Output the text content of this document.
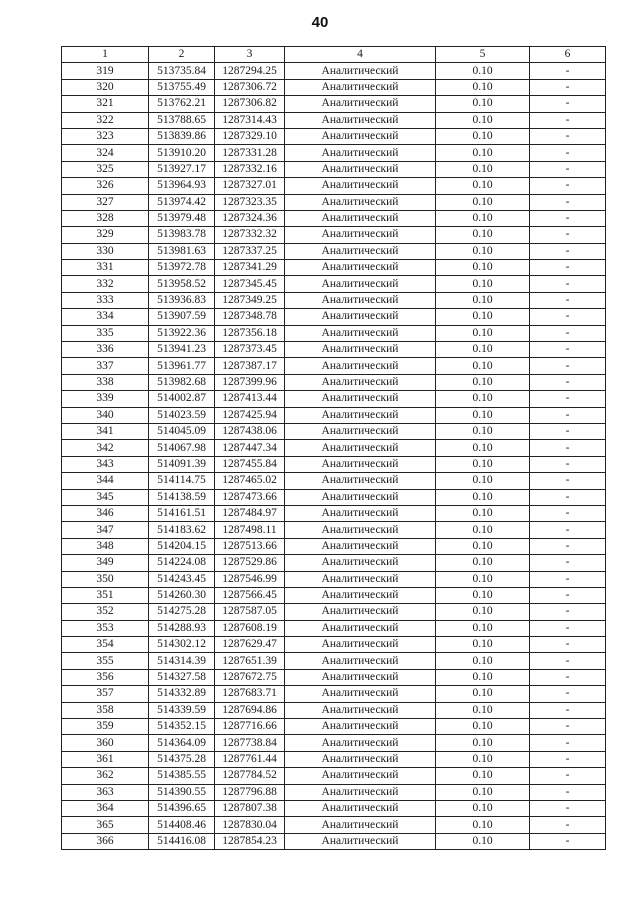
40
1	2	3	4	5	6
319	513735.84	1287294.25	Аналитический	0.10	-
320	513755.49	1287306.72	Аналитический	0.10	-
321	513762.21	1287306.82	Аналитический	0.10	-
322	513788.65	1287314.43	Аналитический	0.10	-
323	513839.86	1287329.10	Аналитический	0.10	-
324	513910.20	1287331.28	Аналитический	0.10	-
325	513927.17	1287332.16	Аналитический	0.10	-
326	513964.93	1287327.01	Аналитический	0.10	-
327	513974.42	1287323.35	Аналитический	0.10	-
328	513979.48	1287324.36	Аналитический	0.10	-
329	513983.78	1287332.32	Аналитический	0.10	-
330	513981.63	1287337.25	Аналитический	0.10	-
331	513972.78	1287341.29	Аналитический	0.10	-
332	513958.52	1287345.45	Аналитический	0.10	-
333	513936.83	1287349.25	Аналитический	0.10	-
334	513907.59	1287348.78	Аналитический	0.10	-
335	513922.36	1287356.18	Аналитический	0.10	-
336	513941.23	1287373.45	Аналитический	0.10	-
337	513961.77	1287387.17	Аналитический	0.10	-
338	513982.68	1287399.96	Аналитический	0.10	-
339	514002.87	1287413.44	Аналитический	0.10	-
340	514023.59	1287425.94	Аналитический	0.10	-
341	514045.09	1287438.06	Аналитический	0.10	-
342	514067.98	1287447.34	Аналитический	0.10	-
343	514091.39	1287455.84	Аналитический	0.10	-
344	514114.75	1287465.02	Аналитический	0.10	-
345	514138.59	1287473.66	Аналитический	0.10	-
346	514161.51	1287484.97	Аналитический	0.10	-
347	514183.62	1287498.11	Аналитический	0.10	-
348	514204.15	1287513.66	Аналитический	0.10	-
349	514224.08	1287529.86	Аналитический	0.10	-
350	514243.45	1287546.99	Аналитический	0.10	-
351	514260.30	1287566.45	Аналитический	0.10	-
352	514275.28	1287587.05	Аналитический	0.10	-
353	514288.93	1287608.19	Аналитический	0.10	-
354	514302.12	1287629.47	Аналитический	0.10	-
355	514314.39	1287651.39	Аналитический	0.10	-
356	514327.58	1287672.75	Аналитический	0.10	-
357	514332.89	1287683.71	Аналитический	0.10	-
358	514339.59	1287694.86	Аналитический	0.10	-
359	514352.15	1287716.66	Аналитический	0.10	-
360	514364.09	1287738.84	Аналитический	0.10	-
361	514375.28	1287761.44	Аналитический	0.10	-
362	514385.55	1287784.52	Аналитический	0.10	-
363	514390.55	1287796.88	Аналитический	0.10	-
364	514396.65	1287807.38	Аналитический	0.10	-
365	514408.46	1287830.04	Аналитический	0.10	-
366	514416.08	1287854.23	Аналитический	0.10	-
